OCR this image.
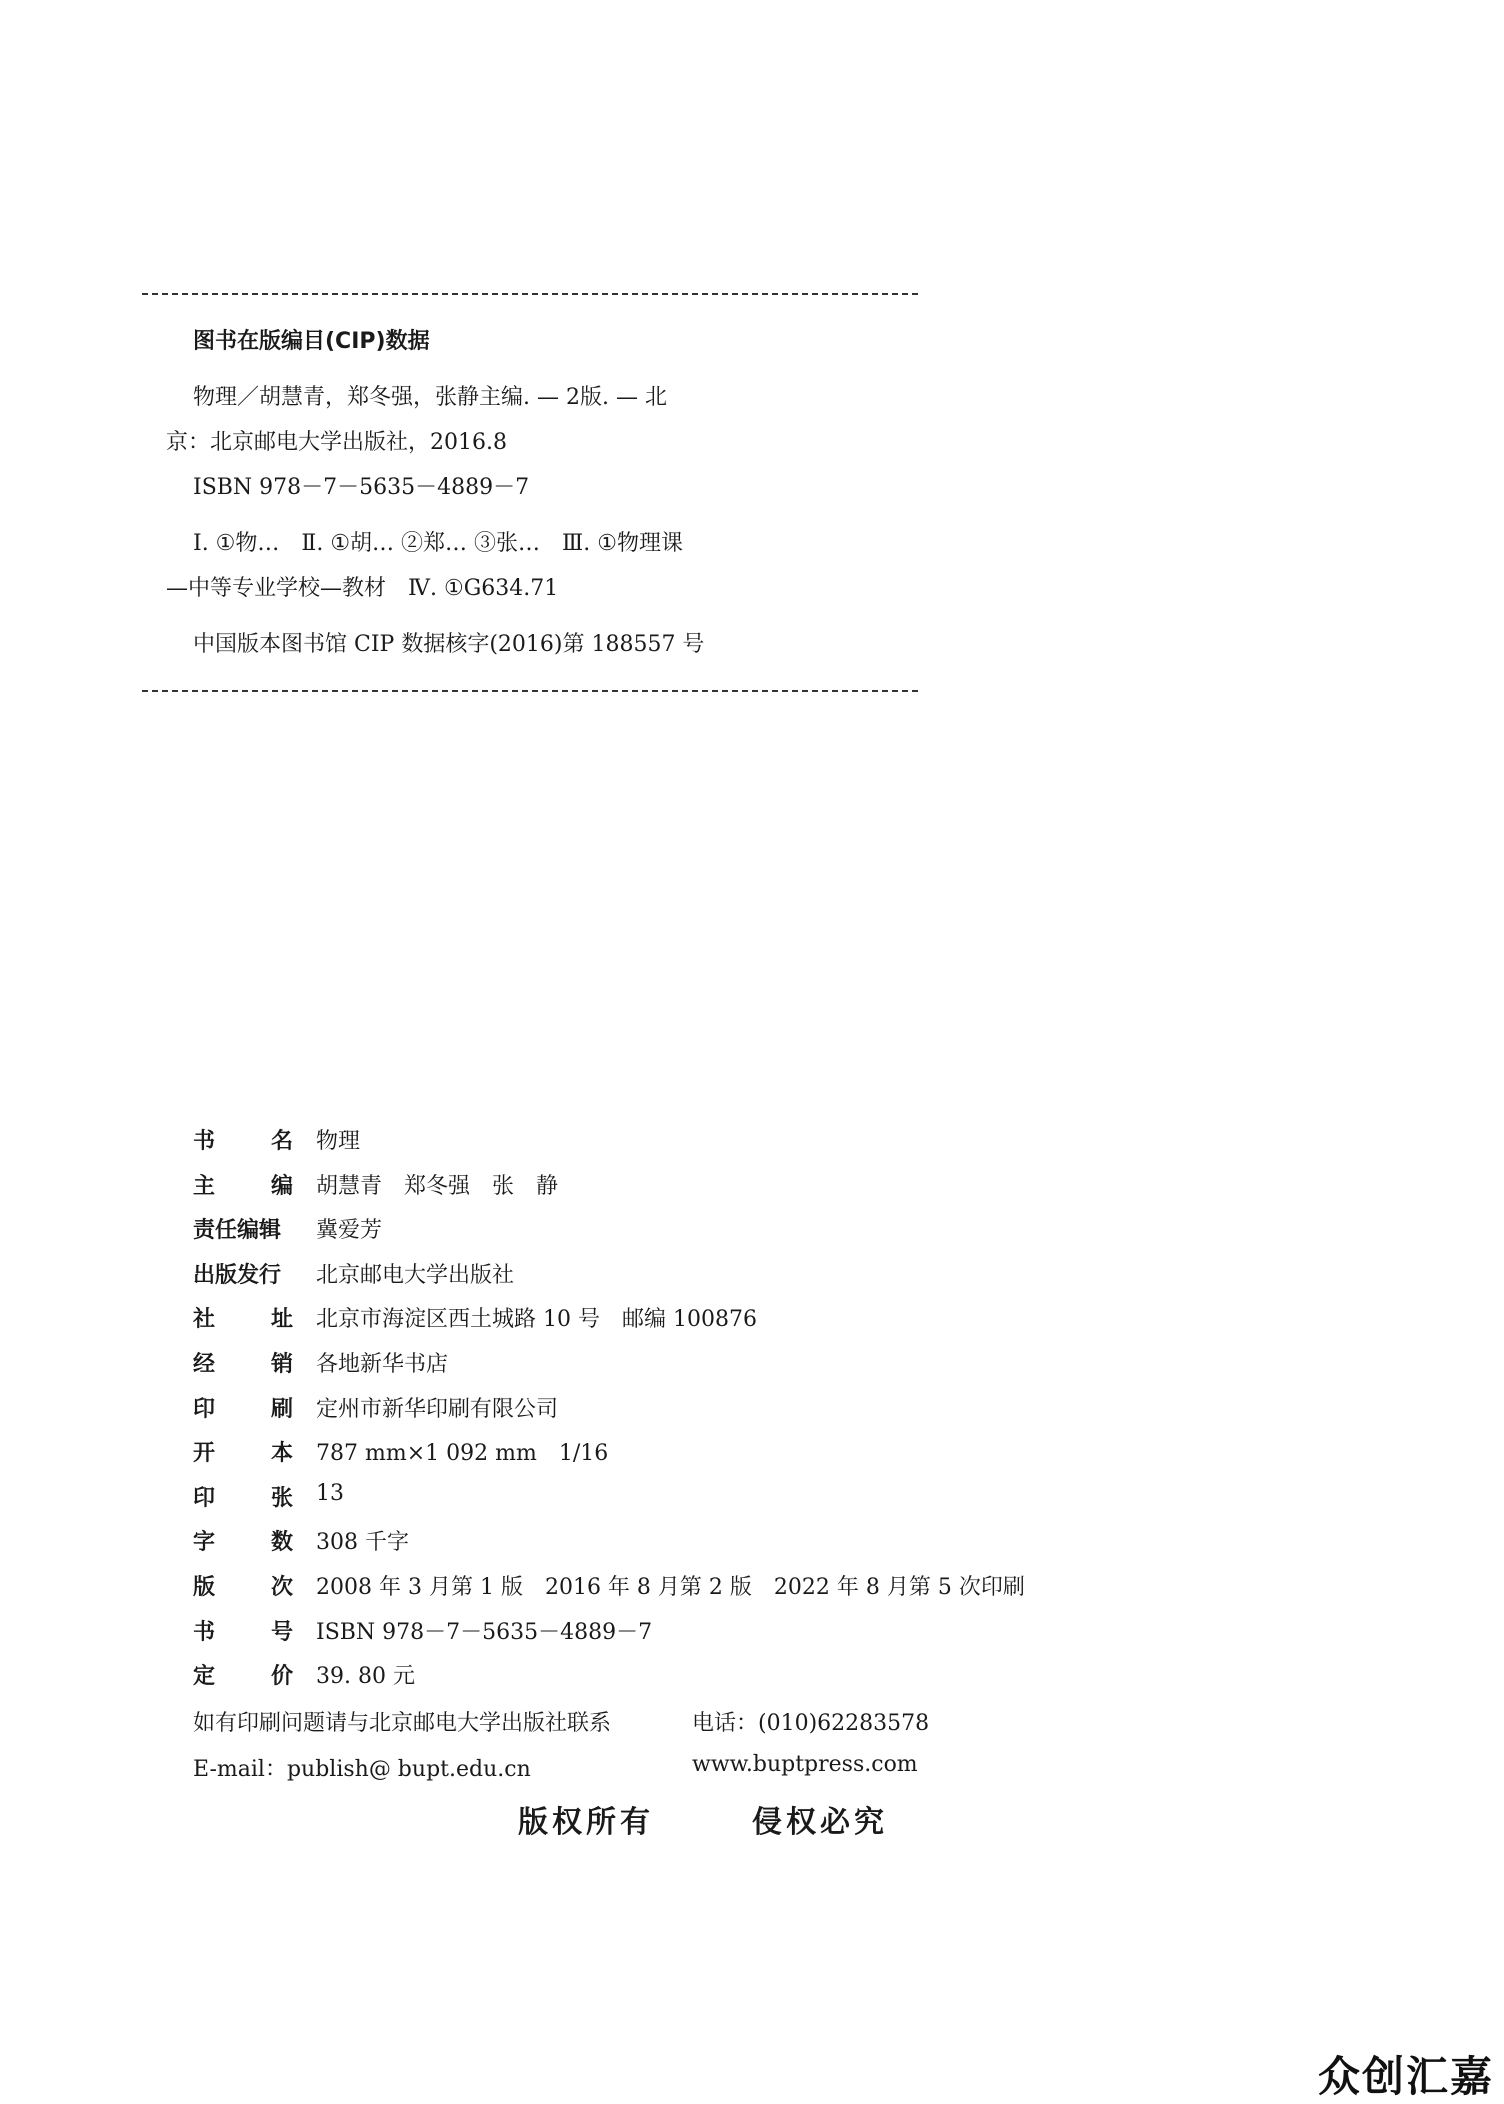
图书在版编目(CIP)数据
物理／胡慧青，郑冬强，张静主编. — 2版. — 北
京：北京邮电大学出版社，2016.8
ISBN 978－7－5635－4889－7
Ⅰ. ①物…　Ⅱ. ①胡… ②郑… ③张…　Ⅲ. ①物理课
—中等专业学校—教材　Ⅳ. ①G634.71
中国版本图书馆 CIP 数据核字(2016)第 188557 号
书	名 物理
主	编 胡慧青　郑冬强　张　静
责任编辑 冀爱芳
出版发行 北京邮电大学出版社
社	址 北京市海淀区西土城路 10 号　邮编 100876
经	销 各地新华书店
印	刷 定州市新华印刷有限公司
开	本 787 mm×1 092 mm　1/16
印	张 13
字	数 308 千字
版	次 2008 年 3 月第 1 版　2016 年 8 月第 2 版　2022 年 8 月第 5 次印刷
书	号 ISBN 978－7－5635－4889－7
定	价 39. 80 元
如有印刷问题请与北京邮电大学出版社联系	电话：(010)62283578
E-mail：publish@ bupt.edu.cn	www.buptpress.com
版权所有	侵权必究
众创汇嘉
